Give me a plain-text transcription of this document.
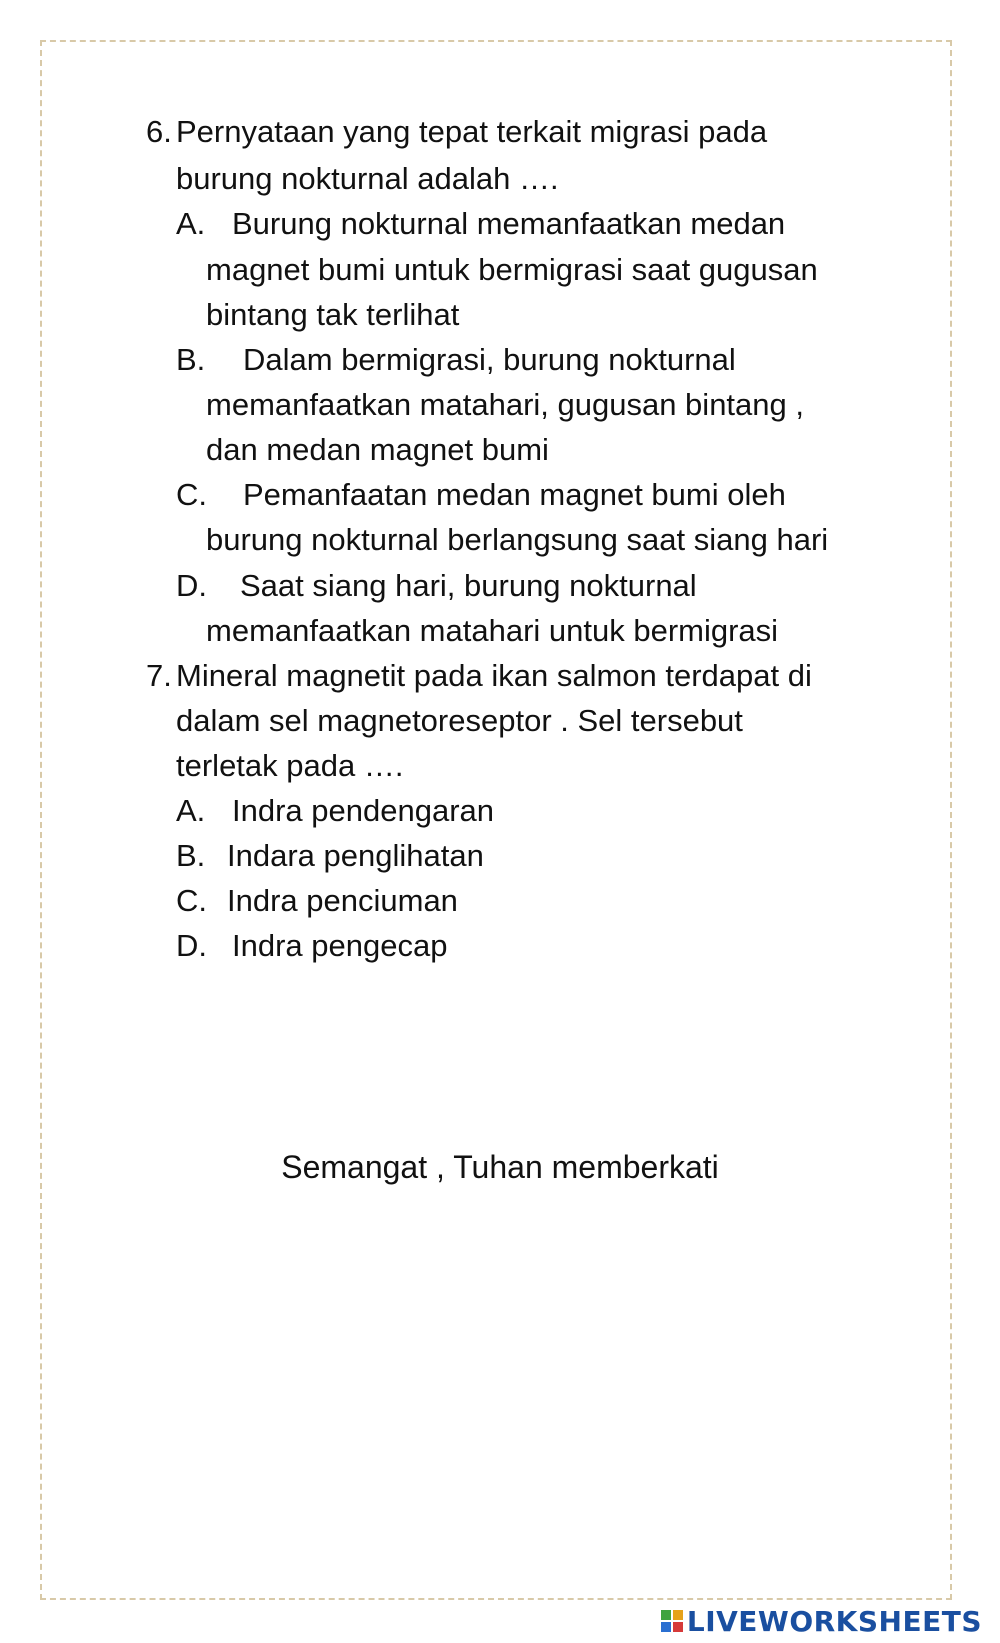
6. Pernyataan yang tepat terkait migrasi pada
burung nokturnal adalah ….
A. Burung nokturnal memanfaatkan medan
magnet bumi untuk bermigrasi saat gugusan
bintang tak terlihat
B. Dalam bermigrasi, burung nokturnal
memanfaatkan matahari, gugusan bintang ,
dan medan magnet bumi
C. Pemanfaatan medan magnet bumi oleh
burung nokturnal berlangsung saat siang hari
D. Saat siang hari, burung nokturnal
memanfaatkan matahari untuk bermigrasi
7. Mineral magnetit pada ikan salmon terdapat di
dalam sel magnetoreseptor . Sel tersebut
terletak pada ….
A. Indra pendengaran
B. Indara penglihatan
C. Indra penciuman
D. Indra pengecap
Semangat , Tuhan memberkati
LIVEWORKSHEETS
